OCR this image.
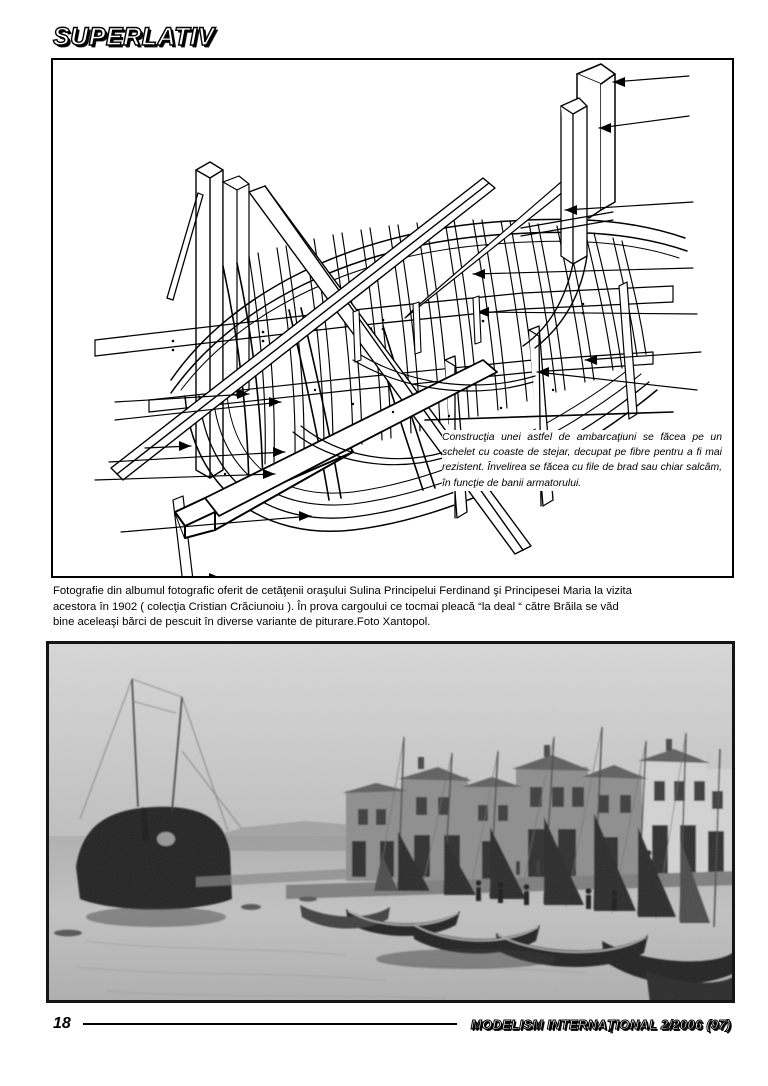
SUPERLATIV
Construcţia unei astfel de ambarcaţiuni se făcea pe un schelet cu coaste de stejar, decupat pe fibre pentru a fi mai rezistent. Învelirea se făcea cu file de brad sau chiar salcâm, în funcţie de banii armatorului.

Fotografie din albumul fotografic oferit de cetăţenii oraşului Sulina Principelui Ferdinand şi Principesei Maria la vizita

acestora în 1902 ( colecţia Cristian Crăciunoiu ). În prova cargoului ce tocmai pleacă “la deal “ către Brăila se văd

bine aceleaşi bărci de pescuit în diverse variante de piturare.Foto Xantopol.

18	MODELISM INTERNAŢIONAL 2/2006 (97)
